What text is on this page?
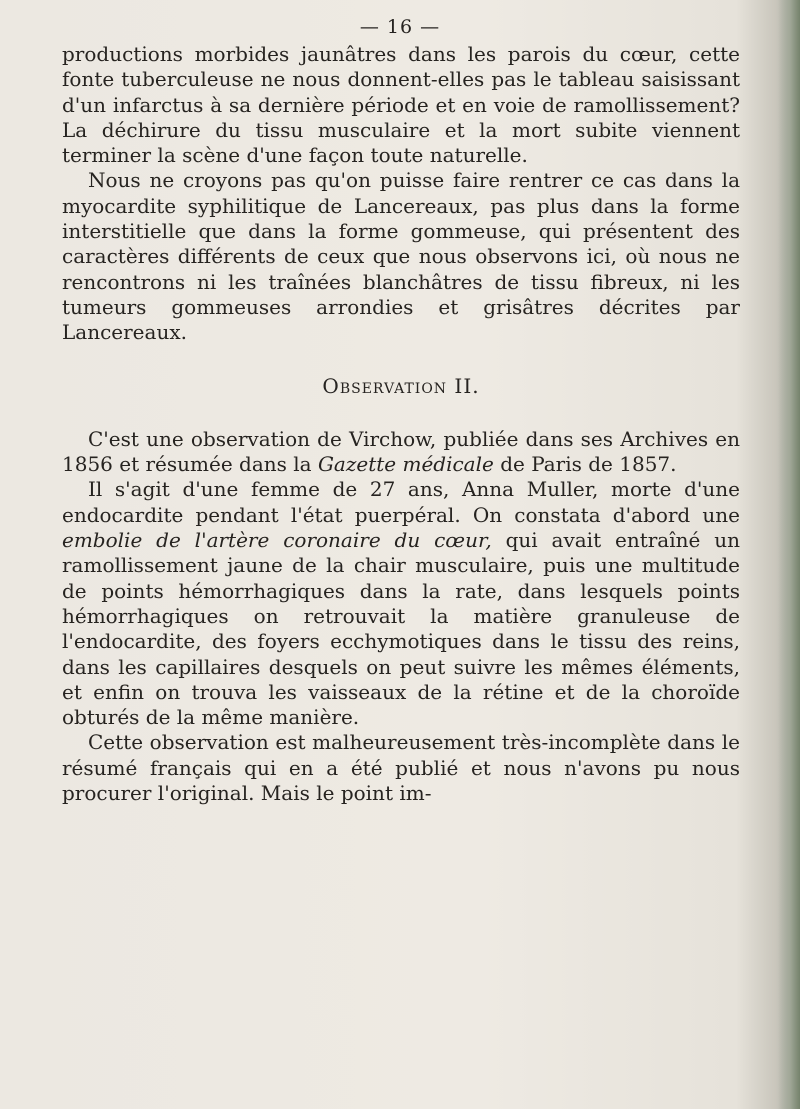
— 16 —

productions morbides jaunâtres dans les parois du cœur, cette fonte tuberculeuse ne nous donnent-elles pas le tableau saisissant d'un infarctus à sa dernière période et en voie de ramollissement? La déchirure du tissu musculaire et la mort subite viennent terminer la scène d'une façon toute naturelle.

Nous ne croyons pas qu'on puisse faire rentrer ce cas dans la myocardite syphilitique de Lancereaux, pas plus dans la forme interstitielle que dans la forme gommeuse, qui présentent des caractères différents de ceux que nous observons ici, où nous ne rencontrons ni les traînées blanchâtres de tissu fibreux, ni les tumeurs gommeuses arrondies et grisâtres décrites par Lancereaux.

Observation II.

C'est une observation de Virchow, publiée dans ses Archives en 1856 et résumée dans la Gazette médicale de Paris de 1857.

Il s'agit d'une femme de 27 ans, Anna Muller, morte d'une endocardite pendant l'état puerpéral. On constata d'abord une embolie de l'artère coronaire du cœur, qui avait entraîné un ramollissement jaune de la chair musculaire, puis une multitude de points hémorrhagiques dans la rate, dans lesquels points hémorrhagiques on retrouvait la matière granuleuse de l'endocardite, des foyers ecchymotiques dans le tissu des reins, dans les capillaires desquels on peut suivre les mêmes éléments, et enfin on trouva les vaisseaux de la rétine et de la choroïde obturés de la même manière.

Cette observation est malheureusement très-incomplète dans le résumé français qui en a été publié et nous n'avons pu nous procurer l'original. Mais le point im-
